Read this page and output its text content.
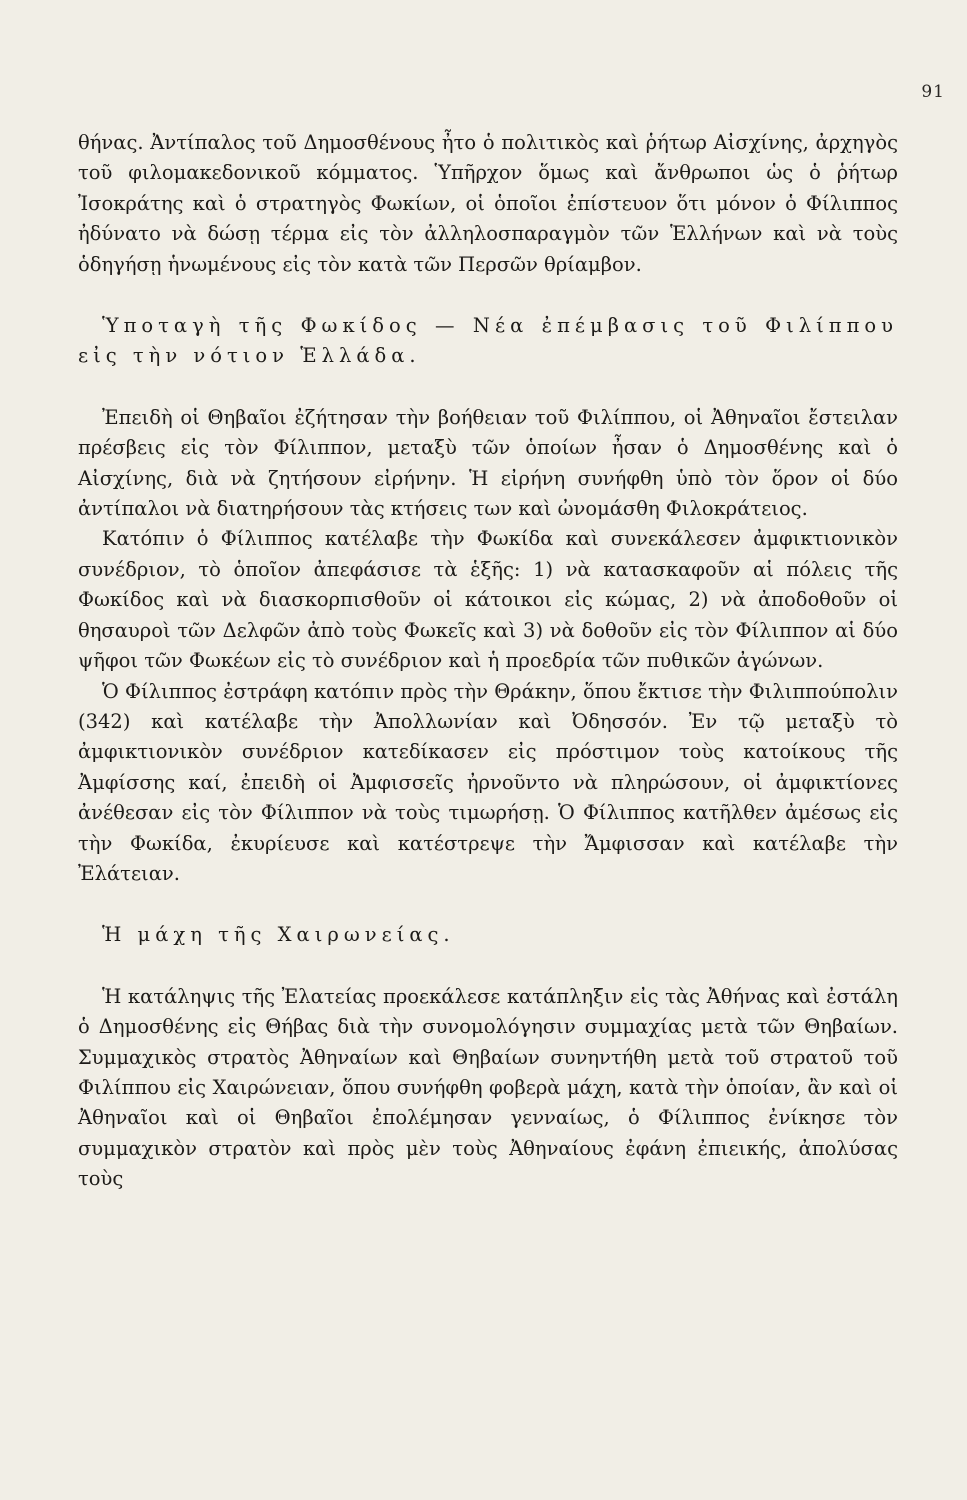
91

θήνας. Ἀντίπαλος τοῦ Δημοσθένους ἦτο ὁ πολιτικὸς καὶ ῥήτωρ Αἰσχίνης, ἀρχηγὸς τοῦ φιλομακεδονικοῦ κόμματος. Ὑπῆρχον ὅμως καὶ ἄνθρωποι ὡς ὁ ῥήτωρ Ἰσοκράτης καὶ ὁ στρατηγὸς Φωκίων, οἱ ὁποῖοι ἐπίστευον ὅτι μόνον ὁ Φίλιππος ἠδύνατο νὰ δώσῃ τέρμα εἰς τὸν ἀλληλοσπαραγμὸν τῶν Ἑλλήνων καὶ νὰ τοὺς ὁδηγήσῃ ἡνωμένους εἰς τὸν κατὰ τῶν Περσῶν θρίαμβον.

Ὑποταγὴ τῆς Φωκίδος — Νέα ἐπέμβασις τοῦ Φιλίππου εἰς τὴν νότιον Ἑλλάδα.

Ἐπειδὴ οἱ Θηβαῖοι ἐζήτησαν τὴν βοήθειαν τοῦ Φιλίππου, οἱ Ἀθηναῖοι ἔστειλαν πρέσβεις εἰς τὸν Φίλιππον, μεταξὺ τῶν ὁποίων ἦσαν ὁ Δημοσθένης καὶ ὁ Αἰσχίνης, διὰ νὰ ζητήσουν εἰρήνην. Ἡ εἰρήνη συνήφθη ὑπὸ τὸν ὅρον οἱ δύο ἀντίπαλοι νὰ διατηρήσουν τὰς κτήσεις των καὶ ὠνομάσθη Φιλοκράτειος.

Κατόπιν ὁ Φίλιππος κατέλαβε τὴν Φωκίδα καὶ συνεκάλεσεν ἀμφικτιονικὸν συνέδριον, τὸ ὁποῖον ἀπεφάσισε τὰ ἑξῆς: 1) νὰ κατασκαφοῦν αἱ πόλεις τῆς Φωκίδος καὶ νὰ διασκορπισθοῦν οἱ κάτοικοι εἰς κώμας, 2) νὰ ἀποδοθοῦν οἱ θησαυροὶ τῶν Δελφῶν ἀπὸ τοὺς Φωκεῖς καὶ 3) νὰ δοθοῦν εἰς τὸν Φίλιππον αἱ δύο ψῆφοι τῶν Φωκέων εἰς τὸ συνέδριον καὶ ἡ προεδρία τῶν πυθικῶν ἀγώνων.

Ὁ Φίλιππος ἐστράφη κατόπιν πρὸς τὴν Θράκην, ὅπου ἔκτισε τὴν Φιλιππούπολιν (342) καὶ κατέλαβε τὴν Ἀπολλωνίαν καὶ Ὀδησσόν. Ἐν τῷ μεταξὺ τὸ ἀμφικτιονικὸν συνέδριον κατεδίκασεν εἰς πρόστιμον τοὺς κατοίκους τῆς Ἀμφίσσης καί, ἐπειδὴ οἱ Ἀμφισσεῖς ἠρνοῦντο νὰ πληρώσουν, οἱ ἀμφικτίονες ἀνέθεσαν εἰς τὸν Φίλιππον νὰ τοὺς τιμωρήσῃ. Ὁ Φίλιππος κατῆλθεν ἀμέσως εἰς τὴν Φωκίδα, ἐκυρίευσε καὶ κατέστρεψε τὴν Ἄμφισσαν καὶ κατέλαβε τὴν Ἐλάτειαν.

Ἡ μάχη τῆς Χαιρωνείας.

Ἡ κατάληψις τῆς Ἐλατείας προεκάλεσε κατάπληξιν εἰς τὰς Ἀθήνας καὶ ἐστάλη ὁ Δημοσθένης εἰς Θήβας διὰ τὴν συνομολόγησιν συμμαχίας μετὰ τῶν Θηβαίων. Συμμαχικὸς στρατὸς Ἀθηναίων καὶ Θηβαίων συνηντήθη μετὰ τοῦ στρατοῦ τοῦ Φιλίππου εἰς Χαιρώνειαν, ὅπου συνήφθη φοβερὰ μάχη, κατὰ τὴν ὁποίαν, ἂν καὶ οἱ Ἀθηναῖοι καὶ οἱ Θηβαῖοι ἐπολέμησαν γενναίως, ὁ Φίλιππος ἐνίκησε τὸν συμμαχικὸν στρατὸν καὶ πρὸς μὲν τοὺς Ἀθηναίους ἐφάνη ἐπιεικής, ἀπολύσας τοὺς
